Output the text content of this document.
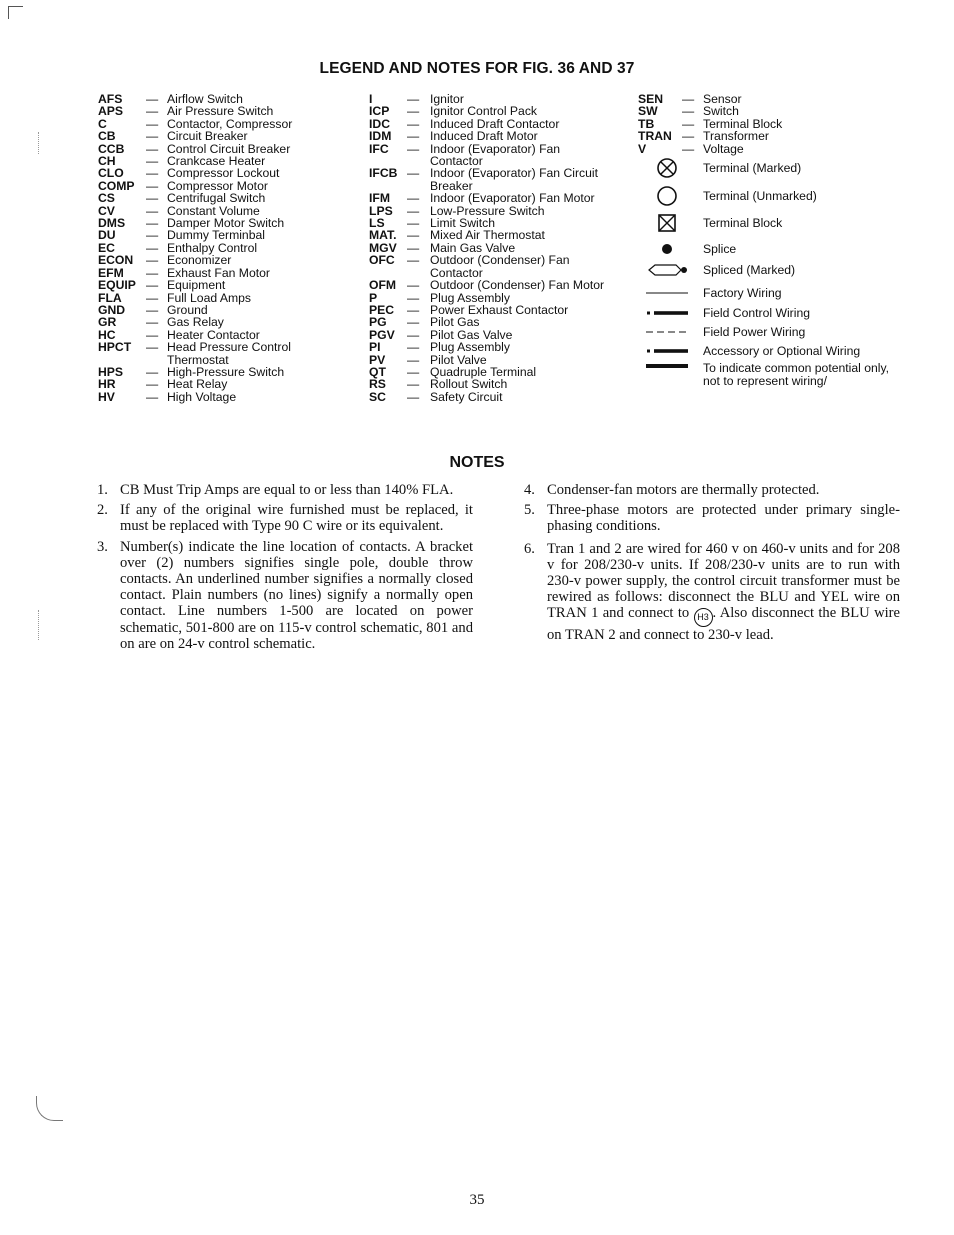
LEGEND AND NOTES FOR FIG. 36 AND 37
AFS	— Airflow Switch
APS	— Air Pressure Switch
C	— Contactor, Compressor
CB	— Circuit Breaker
CCB	— Control Circuit Breaker
CH	— Crankcase Heater
CLO	— Compressor Lockout
COMP — Compressor Motor
CS	— Centrifugal Switch
CV	— Constant Volume
DMS	— Damper Motor Switch
DU	— Dummy Terminbal
EC	— Enthalpy Control
ECON	— Economizer
EFM	— Exhaust Fan Motor
EQUIP — Equipment
FLA	— Full Load Amps
GND	— Ground
GR	— Gas Relay
HC	— Heater Contactor
HPCT	— Head Pressure Control
Thermostat
HPS	— High-Pressure Switch
HR	— Heat Relay
HV	— High Voltage
I	— Ignitor
ICP	— Ignitor Control Pack
IDC	— Induced Draft Contactor
IDM	— Induced Draft Motor
IFC	— Indoor (Evaporator) Fan
Contactor
IFCB — Indoor (Evaporator) Fan Circuit
Breaker
IFM	— Indoor (Evaporator) Fan Motor
LPS	— Low-Pressure Switch
LS	— Limit Switch
MAT. — Mixed Air Thermostat
MGV — Main Gas Valve
OFC	— Outdoor (Condenser) Fan
Contactor
OFM — Outdoor (Condenser) Fan Motor
P	— Plug Assembly
PEC	— Power Exhaust Contactor
PG	— Pilot Gas
PGV	— Pilot Gas Valve
PI	— Plug Assembly
PV	— Pilot Valve
QT	— Quadruple Terminal
RS	— Rollout Switch
SC	— Safety Circuit
SEN	— Sensor
SW	— Switch
TB	— Terminal Block
TRAN — Transformer
V	— Voltage
Terminal (Marked)
Terminal (Unmarked)
Terminal Block
Splice
Spliced (Marked)
Factory Wiring
Field Control Wiring
Field Power Wiring
Accessory or Optional Wiring
To indicate common potential only,
not to represent wiring/
NOTES
1. CB Must Trip Amps are equal to or less than 140% FLA.
2. If any of the original wire furnished must be replaced, it must be replaced with Type 90 C wire or its equivalent.
3. Number(s) indicate the line location of contacts. A bracket over (2) numbers signifies single pole, double throw contacts. An underlined number signifies a normally closed contact. Plain numbers (no lines) signify a normally open contact. Line numbers 1-500 are located on power schematic, 501-800 are on 115-v control schematic, 801 and on are on 24-v control schematic.
4. Condenser-fan motors are thermally protected.
5. Three-phase motors are protected under primary single-phasing conditions.
6. Tran 1 and 2 are wired for 460 v on 460-v units and for 208 v for 208/230-v units. If 208/230-v units are to run with 230-v power supply, the control circuit transformer must be rewired as follows: disconnect the BLU and YEL wire on TRAN 1 and connect to H3 . Also disconnect the BLU wire on TRAN 2 and connect to 230-v lead.
35
